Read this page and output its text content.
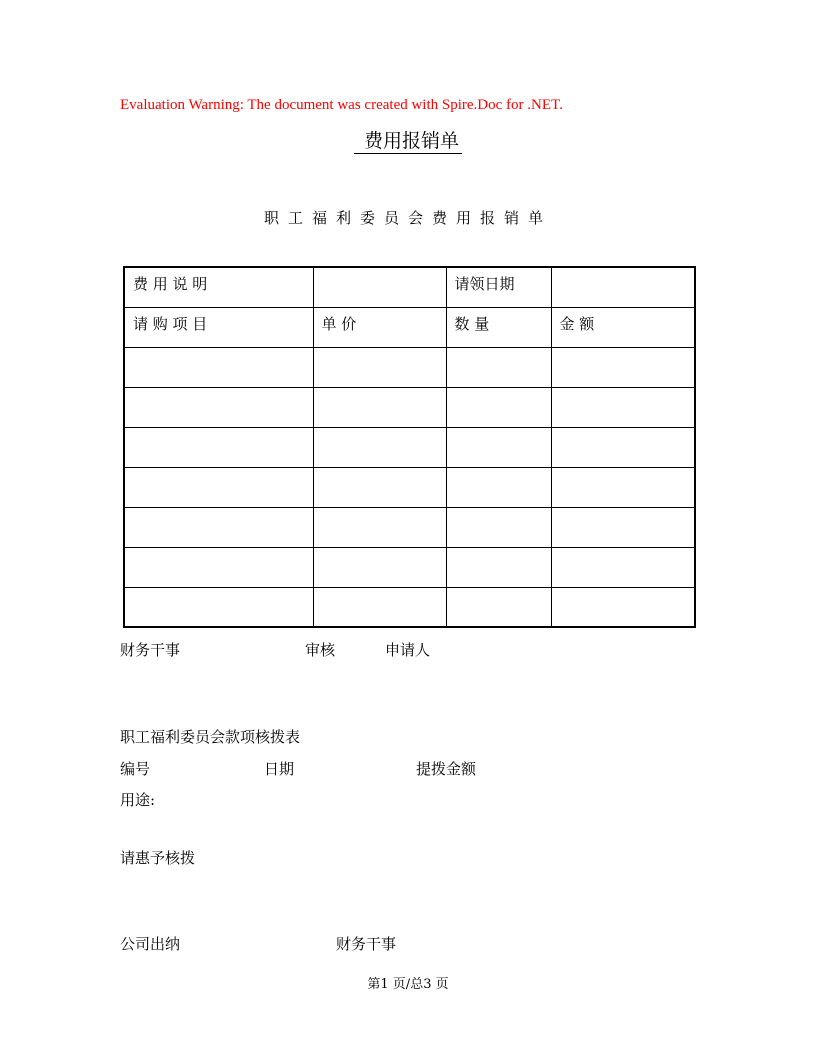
Evaluation Warning: The document was created with Spire.Doc for .NET.
费用报销单
职工福利委员会费用报销单
费 用 说 明		请领日期	
请 购 项 目	单 价	数 量	金 额

财务干事	审核	申请人
职工福利委员会款项核拨表
编号	日期	提拨金额
用途:
请惠予核拨
公司出纳	财务干事
第1 页/总3 页
